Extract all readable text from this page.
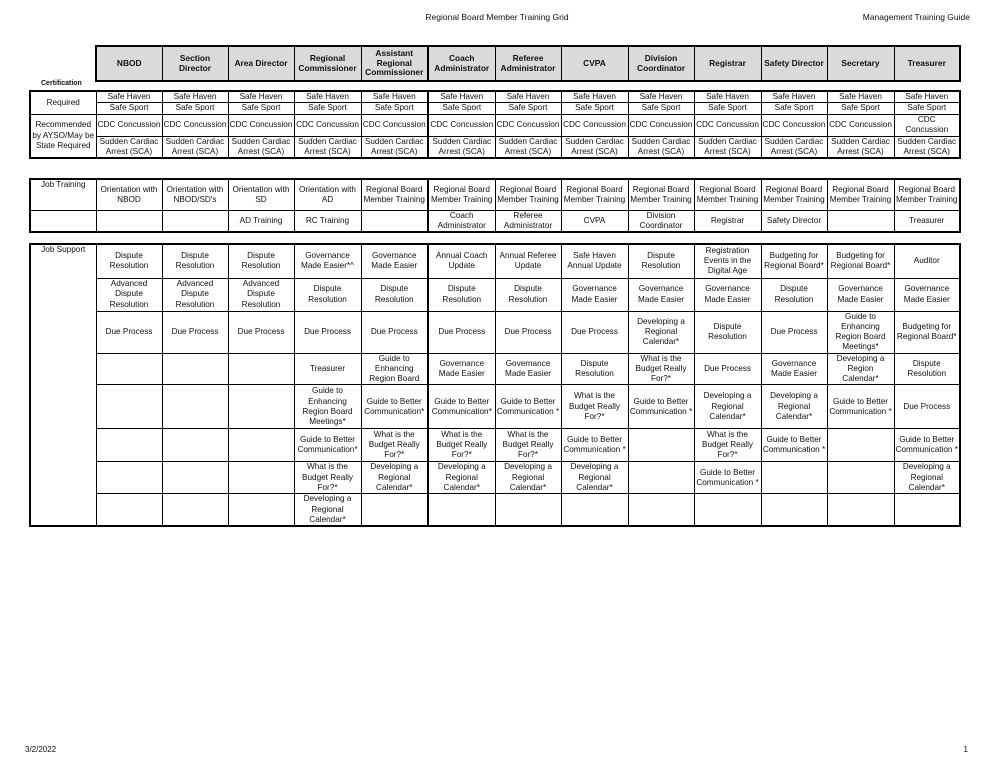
Regional Board Member Training Grid	Management Training Guide
Certification
NBOD	Section Director	Area Director	Regional Commissioner	Assistant Regional Commissioner	Coach Administrator	Referee Administrator	CVPA	Division Coordinator	Registrar	Safety Director	Secretary	Treasurer
Required	Safe Haven	Safe Haven	Safe Haven	Safe Haven	Safe Haven	Safe Haven	Safe Haven	Safe Haven	Safe Haven	Safe Haven	Safe Haven	Safe Haven	Safe Haven
	Safe Sport	Safe Sport	Safe Sport	Safe Sport	Safe Sport	Safe Sport	Safe Sport	Safe Sport	Safe Sport	Safe Sport	Safe Sport	Safe Sport	Safe Sport
Recommended by AYSO/May be State Required	CDC Concussion	CDC Concussion	CDC Concussion	CDC Concussion	CDC Concussion	CDC Concussion	CDC Concussion	CDC Concussion	CDC Concussion	CDC Concussion	CDC Concussion	CDC Concussion	CDC Concussion
	Sudden Cardiac Arrest (SCA)	Sudden Cardiac Arrest (SCA)	Sudden Cardiac Arrest (SCA)	Sudden Cardiac Arrest (SCA)	Sudden Cardiac Arrest (SCA)	Sudden Cardiac Arrest (SCA)	Sudden Cardiac Arrest (SCA)	Sudden Cardiac Arrest (SCA)	Sudden Cardiac Arrest (SCA)	Sudden Cardiac Arrest (SCA)	Sudden Cardiac Arrest (SCA)	Sudden Cardiac Arrest (SCA)	Sudden Cardiac Arrest (SCA)
Job Training	Orientation with NBOD	Orientation with NBOD/SD's	Orientation with SD	Orientation with AD	Regional Board Member Training	Regional Board Member Training	Regional Board Member Training	Regional Board Member Training	Regional Board Member Training	Regional Board Member Training	Regional Board Member Training	Regional Board Member Training	Regional Board Member Training
			AD Training	RC Training		Coach Administrator	Referee Administrator	CVPA	Division Coordinator	Registrar	Safety Director		Treasurer
Job Support	Dispute Resolution	Dispute Resolution	Dispute Resolution	Governance Made Easier*^	Governance Made Easier	Annual Coach Update	Annual Referee Update	Safe Haven Annual Update	Dispute Resolution	Registration Events in the Digital Age	Budgeting for Regional Board*	Budgeting for Regional Board*	Auditor
	Advanced Dispute Resolution	Advanced Dispute Resolution	Advanced Dispute Resolution	Dispute Resolution	Dispute Resolution	Dispute Resolution	Dispute Resolution	Governance Made Easier	Governance Made Easier	Governance Made Easier	Dispute Resolution	Governance Made Easier	Governance Made Easier
	Due Process	Due Process	Due Process	Due Process	Due Process	Due Process	Due Process	Due Process	Developing a Regional Calendar*	Dispute Resolution	Due Process	Guide to Enhancing Region Board Meetings*	Budgeting for Regional Board*
				Treasurer	Guide to Enhancing Region Board	Governance Made Easier	Governance Made Easier	Dispute Resolution	What is the Budget Really For?*	Due Process	Governance Made Easier	Developing a Region Calendar*	Dispute Resolution
				Guide to Enhancing Region Board Meetings*	Guide to Better Communication*	Guide to Better Communication*	Guide to Better Communication *	What is the Budget Really For?*	Guide to Better Communication *	Developing a Regional Calendar*	Developing a Regional Calendar*	Guide to Better Communication *	Due Process
				Guide to Better Communication*	What is the Budget Really For?*	What is the Budget Really For?*	What is the Budget Really For?*	Guide to Better Communication *		What is the Budget Really For?*	Guide to Better Communication *		Guide to Better Communication *
				What is the Budget Really For?*	Developing a Regional Calendar*	Developing a Regional Calendar*	Developing a Regional Calendar*	Developing a Regional Calendar*		Guide to Better Communication *			Developing a Regional Calendar*
				Developing a Regional Calendar*									
3/2/2022	1
